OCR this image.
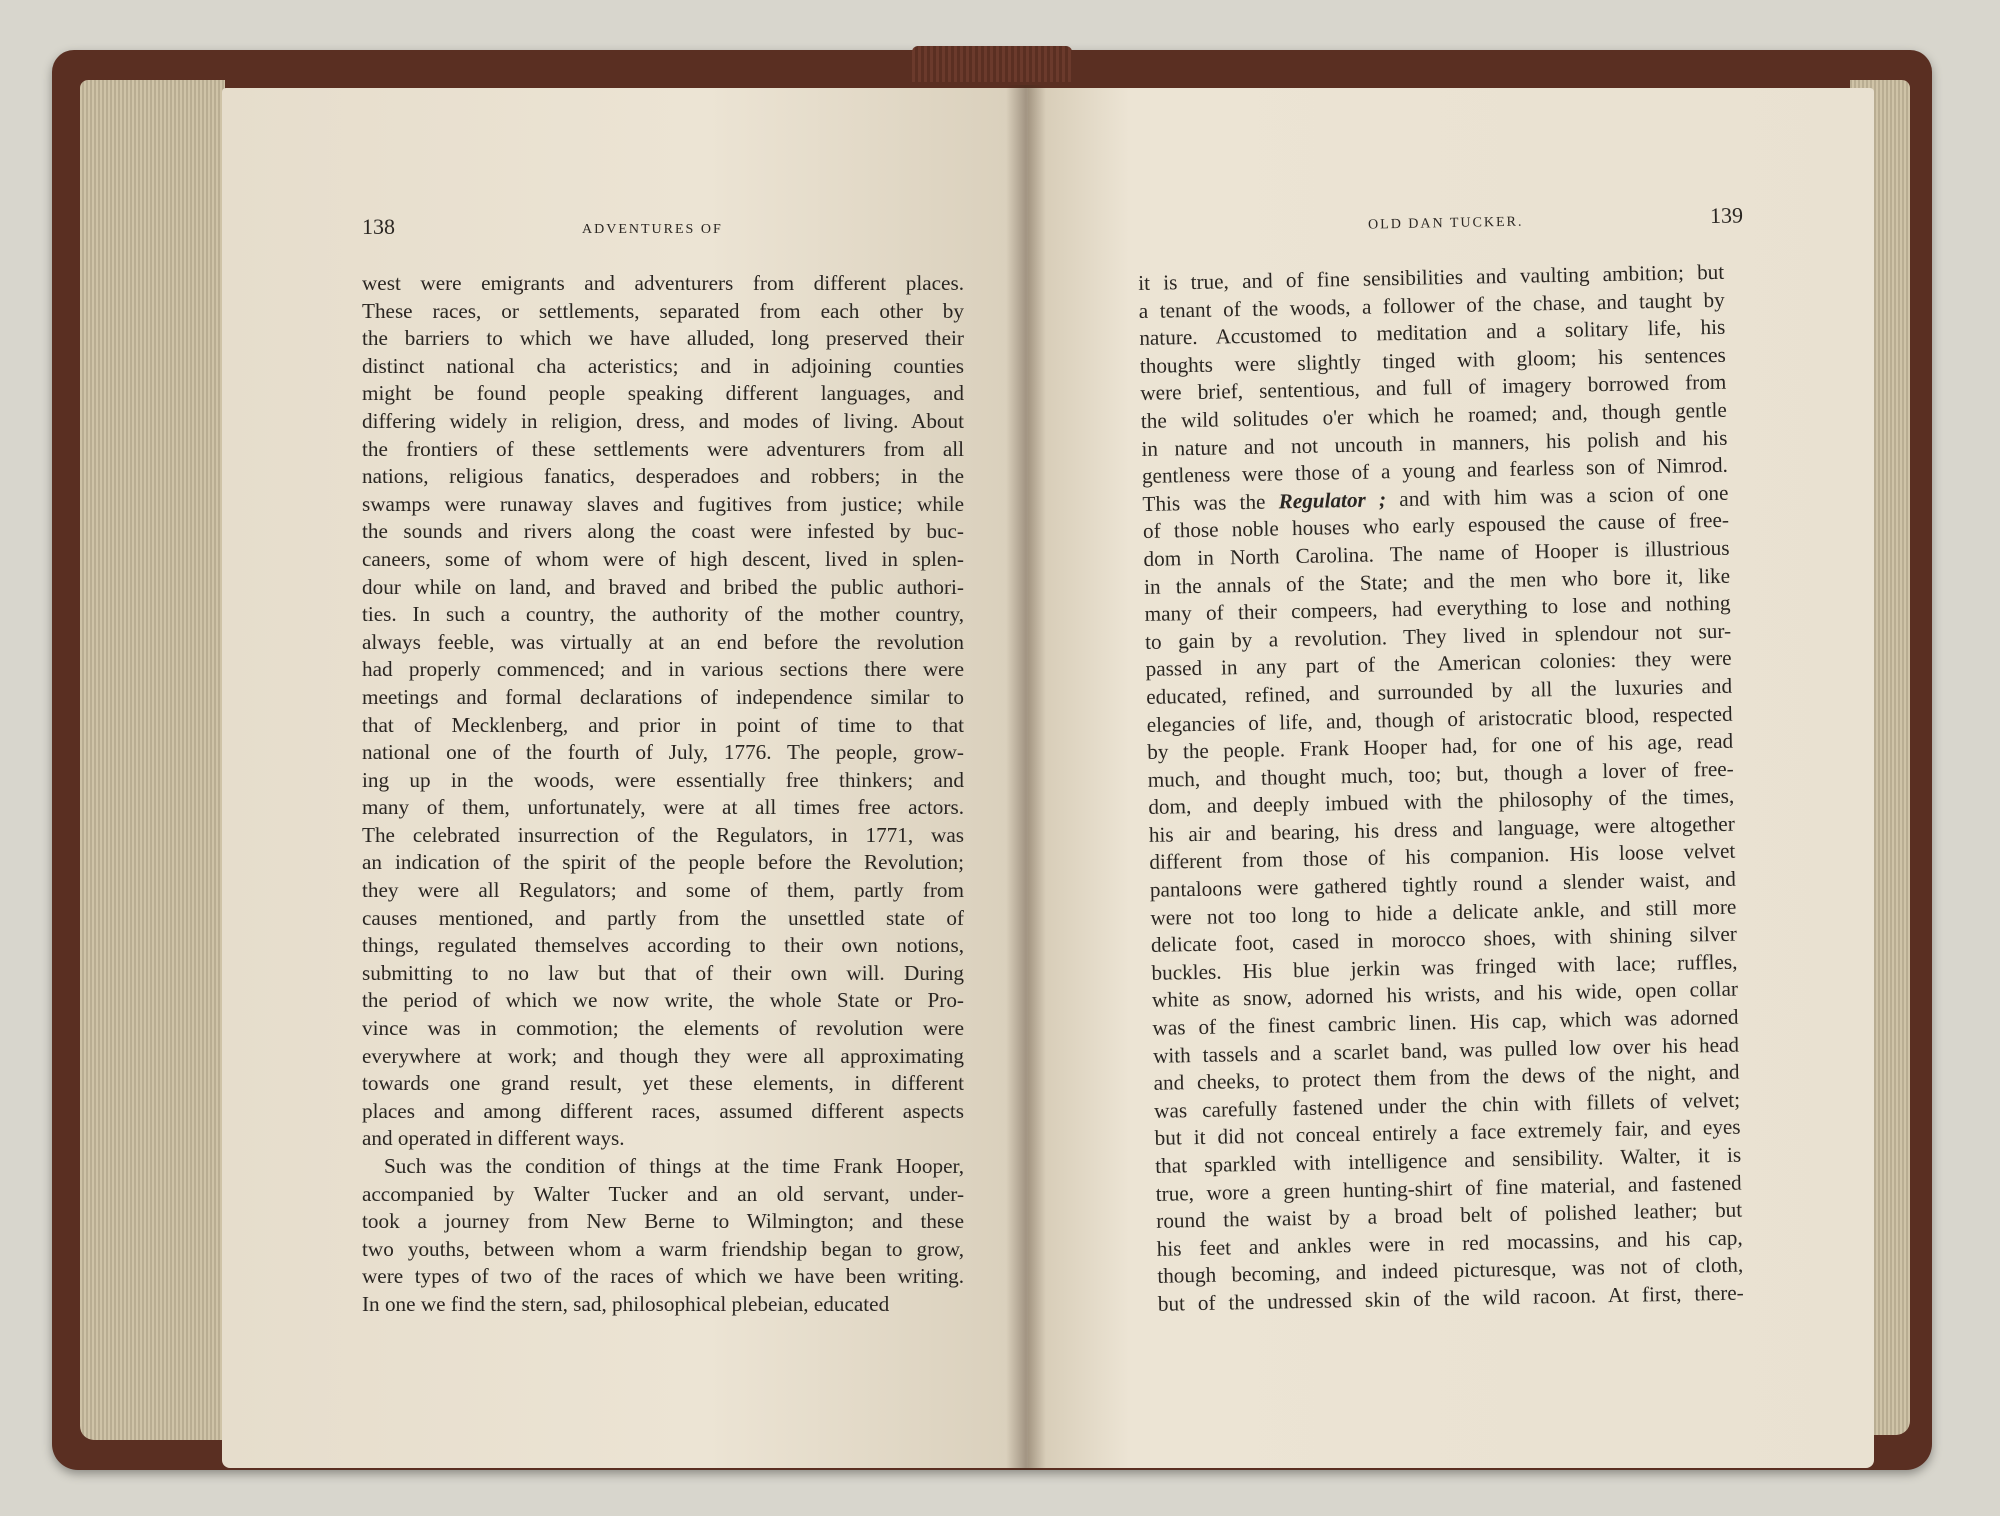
138	ADVENTURES OF
west were emigrants and adventurers from different places.
These races, or settlements, separated from each other by
the barriers to which we have alluded, long preserved their
distinct national cha acteristics; and in adjoining counties
might be found people speaking different languages, and
differing widely in religion, dress, and modes of living. About
the frontiers of these settlements were adventurers from all
nations, religious fanatics, desperadoes and robbers; in the
swamps were runaway slaves and fugitives from justice; while
the sounds and rivers along the coast were infested by buc-
caneers, some of whom were of high descent, lived in splen-
dour while on land, and braved and bribed the public authori-
ties. In such a country, the authority of the mother country,
always feeble, was virtually at an end before the revolution
had properly commenced; and in various sections there were
meetings and formal declarations of independence similar to
that of Mecklenberg, and prior in point of time to that
national one of the fourth of July, 1776. The people, grow-
ing up in the woods, were essentially free thinkers; and
many of them, unfortunately, were at all times free actors.
The celebrated insurrection of the Regulators, in 1771, was
an indication of the spirit of the people before the Revolution;
they were all Regulators; and some of them, partly from
causes mentioned, and partly from the unsettled state of
things, regulated themselves according to their own notions,
submitting to no law but that of their own will. During
the period of which we now write, the whole State or Pro-
vince was in commotion; the elements of revolution were
everywhere at work; and though they were all approximating
towards one grand result, yet these elements, in different
places and among different races, assumed different aspects
and operated in different ways.
Such was the condition of things at the time Frank Hooper,
accompanied by Walter Tucker and an old servant, under-
took a journey from New Berne to Wilmington; and these
two youths, between whom a warm friendship began to grow,
were types of two of the races of which we have been writing.
In one we find the stern, sad, philosophical plebeian, educated
OLD DAN TUCKER.	139
it is true, and of fine sensibilities and vaulting ambition; but
a tenant of the woods, a follower of the chase, and taught by
nature. Accustomed to meditation and a solitary life, his
thoughts were slightly tinged with gloom; his sentences
were brief, sententious, and full of imagery borrowed from
the wild solitudes o'er which he roamed; and, though gentle
in nature and not uncouth in manners, his polish and his
gentleness were those of a young and fearless son of Nimrod.
This was the Regulator ; and with him was a scion of one
of those noble houses who early espoused the cause of free-
dom in North Carolina. The name of Hooper is illustrious
in the annals of the State; and the men who bore it, like
many of their compeers, had everything to lose and nothing
to gain by a revolution. They lived in splendour not sur-
passed in any part of the American colonies: they were
educated, refined, and surrounded by all the luxuries and
elegancies of life, and, though of aristocratic blood, respected
by the people. Frank Hooper had, for one of his age, read
much, and thought much, too; but, though a lover of free-
dom, and deeply imbued with the philosophy of the times,
his air and bearing, his dress and language, were altogether
different from those of his companion. His loose velvet
pantaloons were gathered tightly round a slender waist, and
were not too long to hide a delicate ankle, and still more
delicate foot, cased in morocco shoes, with shining silver
buckles. His blue jerkin was fringed with lace; ruffles,
white as snow, adorned his wrists, and his wide, open collar
was of the finest cambric linen. His cap, which was adorned
with tassels and a scarlet band, was pulled low over his head
and cheeks, to protect them from the dews of the night, and
was carefully fastened under the chin with fillets of velvet;
but it did not conceal entirely a face extremely fair, and eyes
that sparkled with intelligence and sensibility. Walter, it is
true, wore a green hunting-shirt of fine material, and fastened
round the waist by a broad belt of polished leather; but
his feet and ankles were in red mocassins, and his cap,
though becoming, and indeed picturesque, was not of cloth,
but of the undressed skin of the wild racoon. At first, there-
